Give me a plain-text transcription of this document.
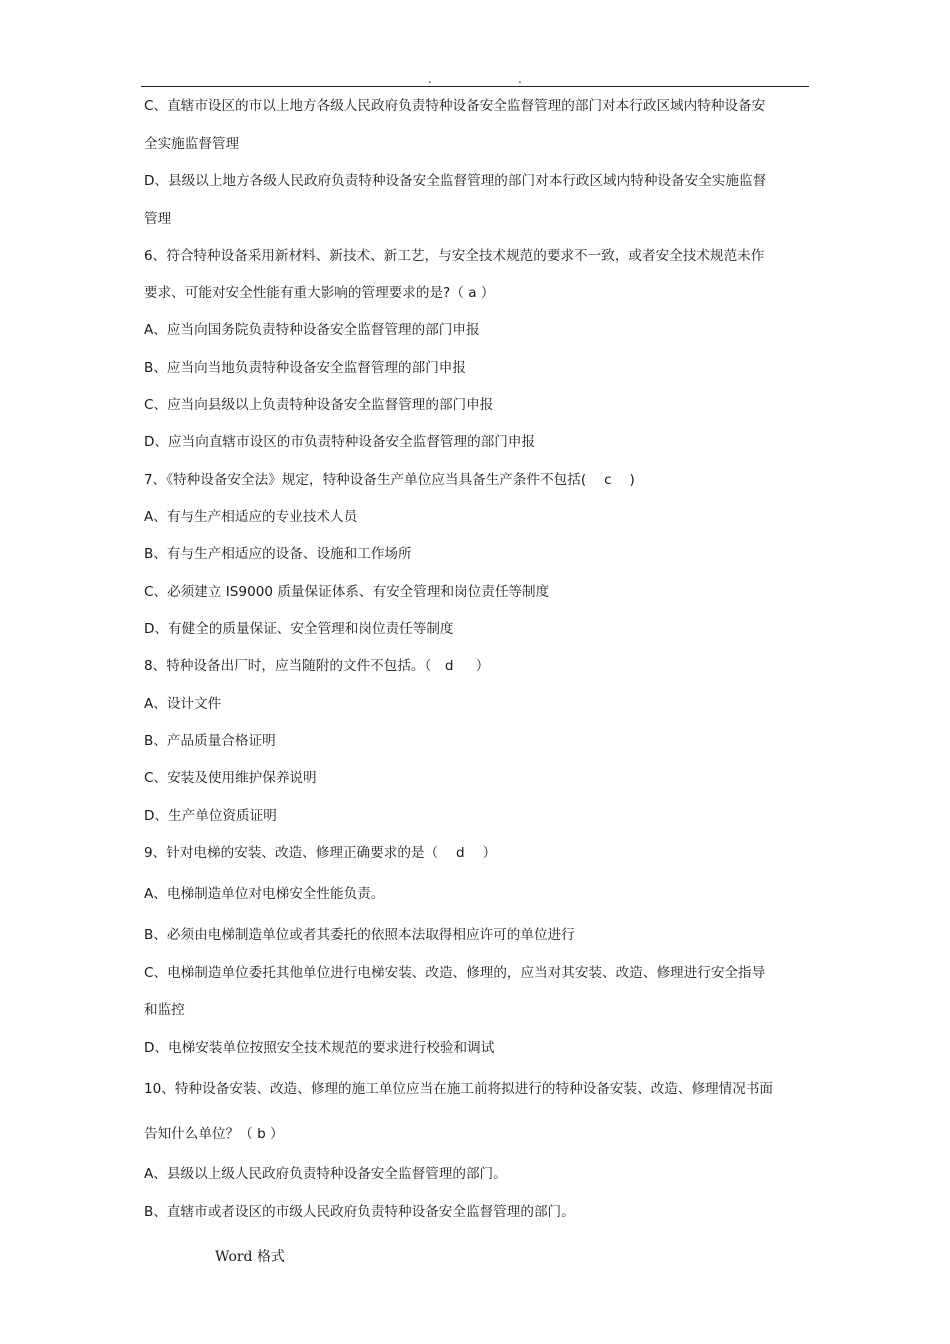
.	.
C、直辖市设区的市以上地方各级人民政府负责特种设备安全监督管理的部门对本行政区域内特种设备安
全实施监督管理
D、县级以上地方各级人民政府负责特种设备安全监督管理的部门对本行政区域内特种设备安全实施监督
管理
6、符合特种设备采用新材料、新技术、新工艺，与安全技术规范的要求不一致，或者安全技术规范未作
要求、可能对安全性能有重大影响的管理要求的是?（ a ）
A、应当向国务院负责特种设备安全监督管理的部门申报
B、应当向当地负责特种设备安全监督管理的部门申报
C、应当向县级以上负责特种设备安全监督管理的部门申报
D、应当向直辖市设区的市负责特种设备安全监督管理的部门申报
7、《特种设备安全法》规定，特种设备生产单位应当具备生产条件不包括(　 c 　)
A、有与生产相适应的专业技术人员
B、有与生产相适应的设备、设施和工作场所
C、必须建立 IS9000 质量保证体系、有安全管理和岗位责任等制度
D、有健全的质量保证、安全管理和岗位责任等制度
8、特种设备出厂时，应当随附的文件不包括。（　d 　 ）
A、设计文件
B、产品质量合格证明
C、安装及使用维护保养说明
D、生产单位资质证明
9、针对电梯的安装、改造、修理正确要求的是（　 d 　）
A、电梯制造单位对电梯安全性能负责。
B、必须由电梯制造单位或者其委托的依照本法取得相应许可的单位进行
C、电梯制造单位委托其他单位进行电梯安装、改造、修理的，应当对其安装、改造、修理进行安全指导
和监控
D、电梯安装单位按照安全技术规范的要求进行校验和调试
10、特种设备安装、改造、修理的施工单位应当在施工前将拟进行的特种设备安装、改造、修理情况书面
告知什么单位？（ b ）
A、县级以上级人民政府负责特种设备安全监督管理的部门。
B、直辖市或者设区的市级人民政府负责特种设备安全监督管理的部门。
Word 格式
